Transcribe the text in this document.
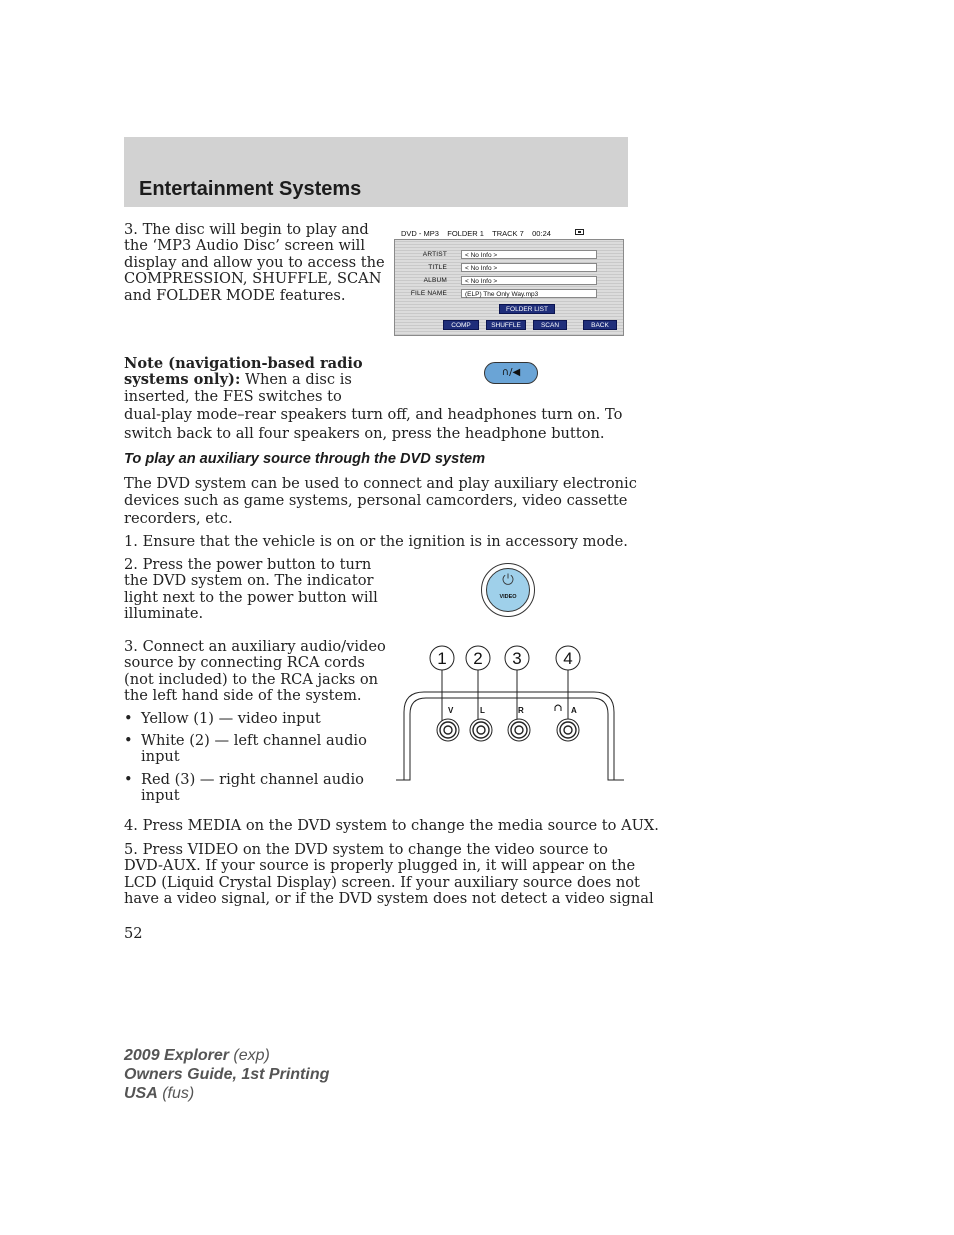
Entertainment Systems
3. The disc will begin to play and
the ‘MP3 Audio Disc’ screen will
display and allow you to access the
COMPRESSION, SHUFFLE, SCAN
and FOLDER MODE features.
DVD - MP3    FOLDER 1    TRACK 7    00:24
ARTIST	< No Info >
TITLE	< No Info >
ALBUM	< No Info >
FILE NAME	(ELP) The Only Way.mp3
FOLDER LIST
COMP	SHUFFLE	SCAN	BACK
Note (navigation-based radio
systems only): When a disc is
inserted, the FES switches to
dual-play mode–rear speakers turn off, and headphones turn on. To
switch back to all four speakers on, press the headphone button.
∩/◀
To play an auxiliary source through the DVD system
The DVD system can be used to connect and play auxiliary electronic
devices such as game systems, personal camcorders, video cassette
recorders, etc.
1. Ensure that the vehicle is on or the ignition is in accessory mode.
2. Press the power button to turn
the DVD system on. The indicator
light next to the power button will
illuminate.
VIDEO
3. Connect an auxiliary audio/video
source by connecting RCA cords
(not included) to the RCA jacks on
the left hand side of the system.
• Yellow (1) — video input
• White (2) — left channel audio
input
• Red (3) — right channel audio
input
1 2 3 4
V	L	R	A
4. Press MEDIA on the DVD system to change the media source to AUX.
5. Press VIDEO on the DVD system to change the video source to
DVD-AUX. If your source is properly plugged in, it will appear on the
LCD (Liquid Crystal Display) screen. If your auxiliary source does not
have a video signal, or if the DVD system does not detect a video signal
52
2009 Explorer (exp)
Owners Guide, 1st Printing
USA (fus)
